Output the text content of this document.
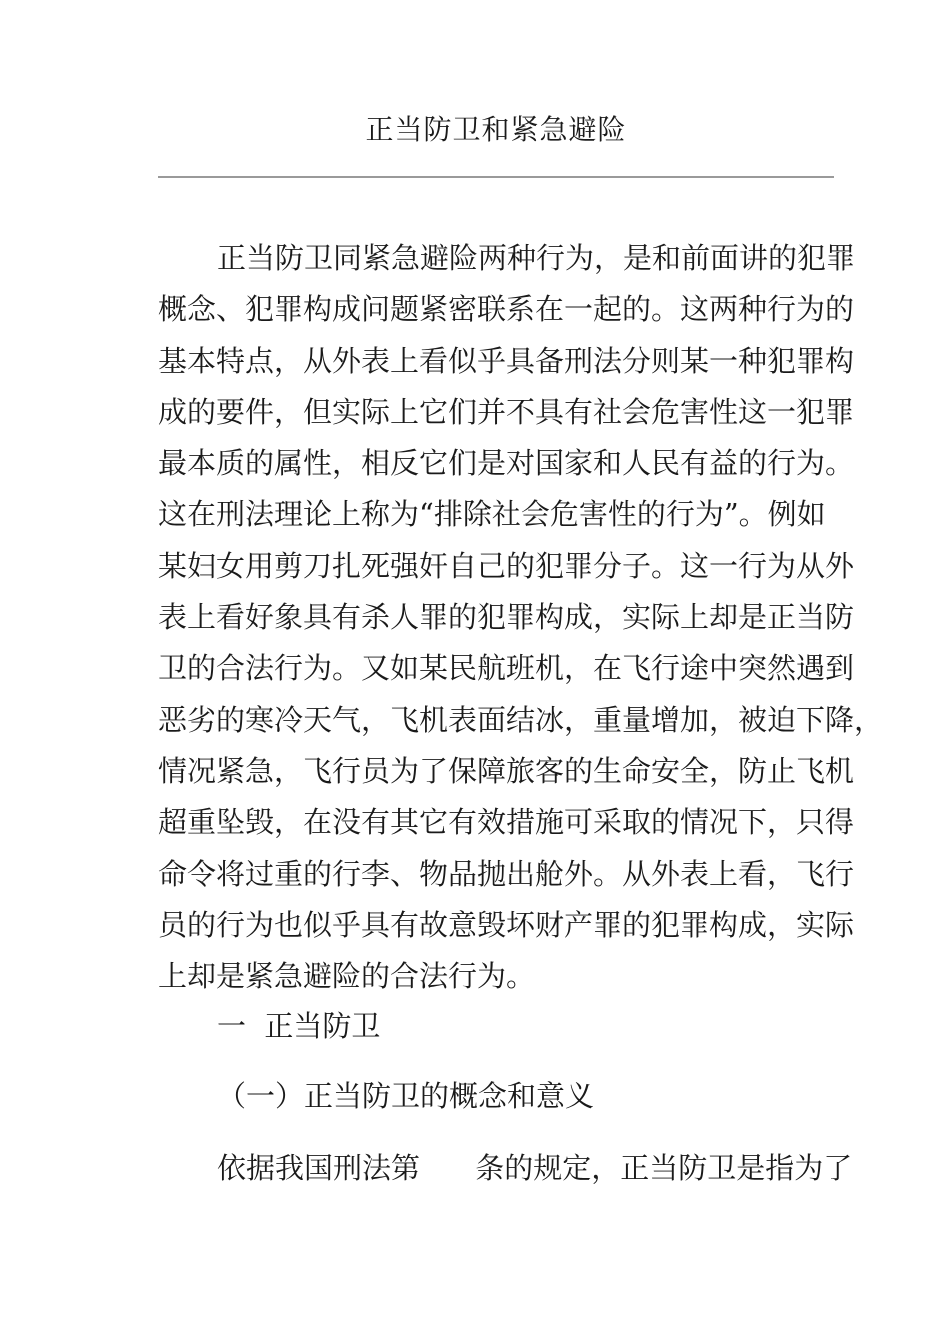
正当防卫和紧急避险
正当防卫同紧急避险两种行为，是和前面讲的犯罪
概念、犯罪构成问题紧密联系在一起的。这两种行为的
基本特点，从外表上看似乎具备刑法分则某一种犯罪构
成的要件，但实际上它们并不具有社会危害性这一犯罪
最本质的属性，相反它们是对国家和人民有益的行为。
这在刑法理论上称为“排除社会危害性的行为”。例如
某妇女用剪刀扎死强奸自己的犯罪分子。这一行为从外
表上看好象具有杀人罪的犯罪构成，实际上却是正当防
卫的合法行为。又如某民航班机，在飞行途中突然遇到
恶劣的寒冷天气，飞机表面结冰，重量增加，被迫下降，
情况紧急，飞行员为了保障旅客的生命安全，防止飞机
超重坠毁，在没有其它有效措施可采取的情况下，只得
命令将过重的行李、物品抛出舱外。从外表上看，飞行
员的行为也似乎具有故意毁坏财产罪的犯罪构成，实际
上却是紧急避险的合法行为。
一  正当防卫
（一）正当防卫的概念和意义
依据我国刑法第      条的规定，正当防卫是指为了
